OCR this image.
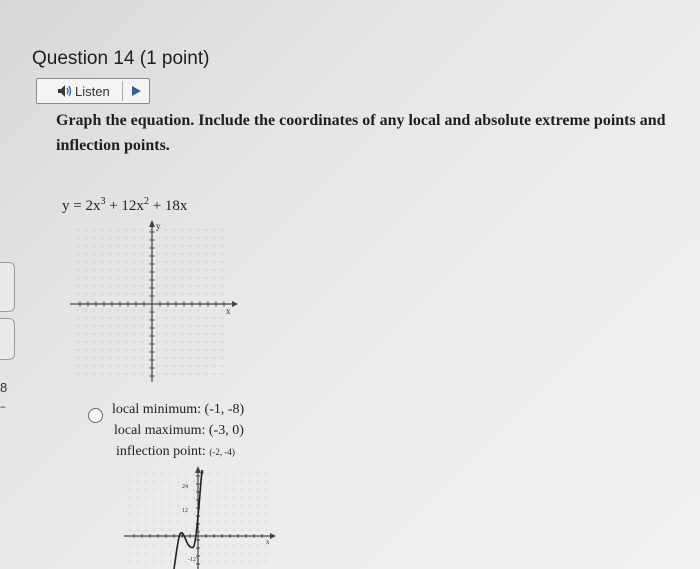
8
--
Question 14 (1 point)
Listen
Graph the equation. Include the coordinates of any local and absolute extreme points and inflection points.
$y = 2x^3 + 12x^2 + 18x$
y
x
local minimum: (-1, -8)
local maximum: (-3, 0)
inflection point: (-2, -4)
y
x
24
12
-12
